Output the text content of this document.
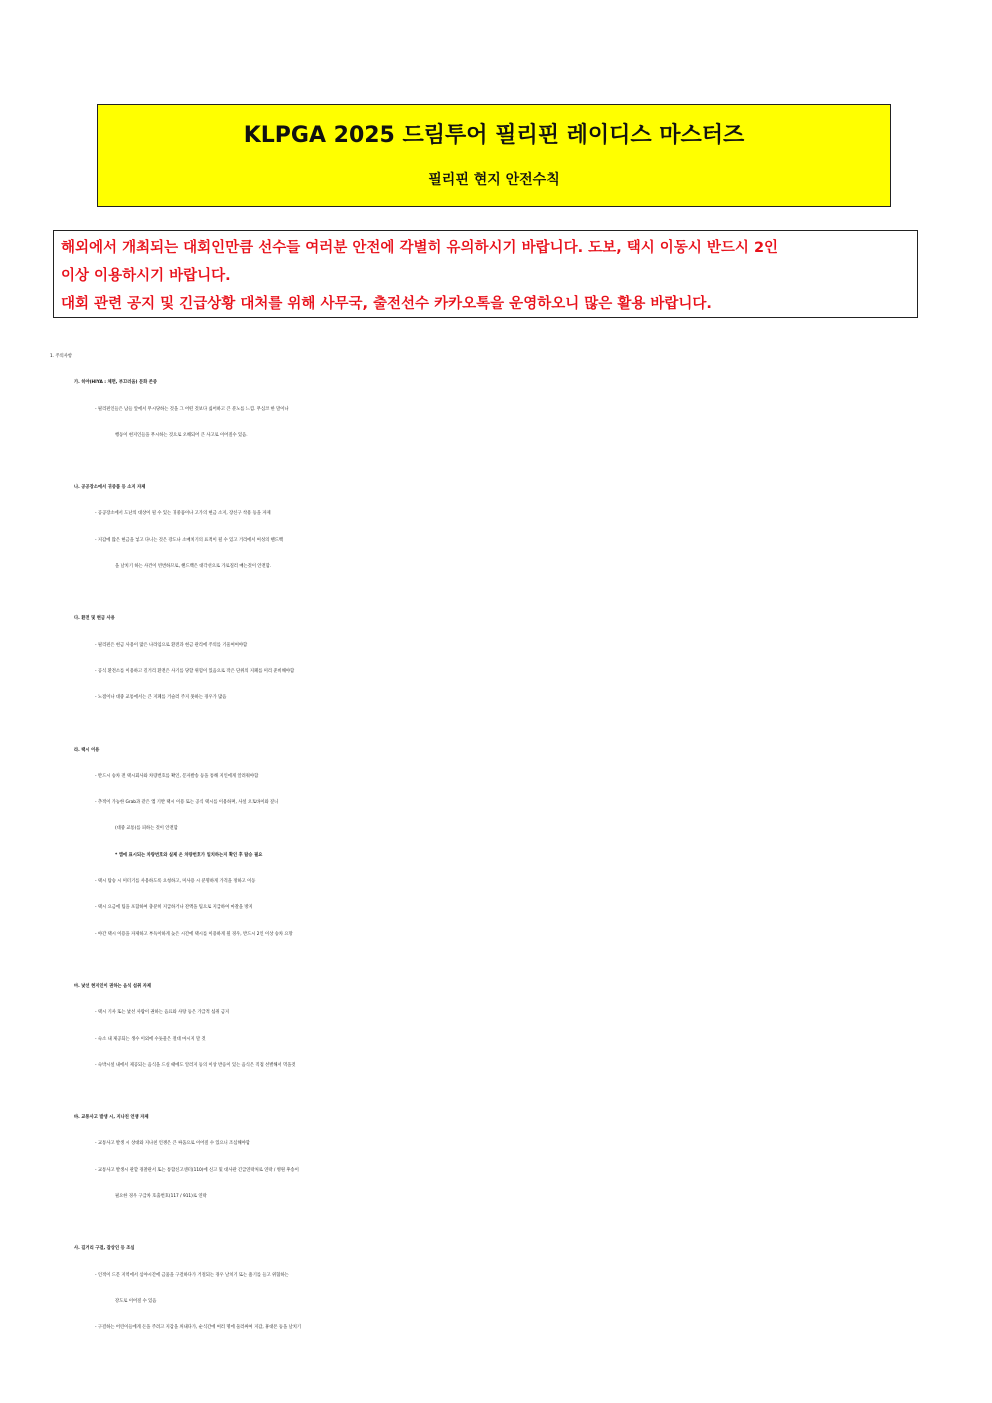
KLPGA 2025 드림투어 필리핀 레이디스 마스터즈
필리핀 현지 안전수칙
해외에서 개최되는 대회인만큼 선수들 여러분 안전에 각별히 유의하시기 바랍니다. 도보, 택시 이동시 반드시 2인
이상 이용하시기 바랍니다.
대회 관련 공지 및 긴급상황 대처를 위해 사무국, 출전선수 카카오톡을 운영하오니 많은 활용 바랍니다.
1. 주의사항
가. 히야(HIYA : 체면, 부끄러움) 문화 존중
- 필리핀인들은 남들 앞에서 무시당하는 것을 그 어떤 것보다 싫어하고 큰 분노를 느낌. 무심코 한 말이나
행동이 현지인들을 무시하는 것으로 오해되어 큰 사고로 이어질수 있음.
나. 공공장소에서 귀중품 등 소지 자제
- 공공장소에서 도난의 대상이 될 수 있는 귀중품이나 고가의 현금 소지, 장신구 착용 등을 자제
- 지갑에 많은 현금을 넣고 다니는 것은 강도나 소매치기의 표적이 될 수 있고 거리에서 여성의 핸드백
을 날치기 하는 사건이 빈번하므로, 핸드백은 대각선으로 가로질러 매는것이 안전함.
다. 환전 및 현금 사용
- 필리핀은 현금 사용이 많은 나라임으로 환전과 현금 관리에 주의를 기울여여야함
- 공식 환전소를 이용하고 길거리 환전은 사기를 당할 위험이 있음으로 작은 단위의 지폐를 미리 준비해야함
- 노점이나 대중 교통에서는 큰 지폐를 거슬러 주지 못하는 경우가 많음
라. 택시 이용
- 반드시 승차 전 택시회사와 차량번호를 확인, 문자발송 등을 통해 지인에게 알려줘야함
- 추적이 가능한 Grab과 같은 앱 기반 택시 이용 또는 공식 택시를 이용하며, 사설 오토바이와 짚니
(대중 교통)를 피하는 것이 안전함
* 앱에 표시되는 차량번호와 실제 온 차량번호가 일치하는지 확인 후 탑승 필요
- 택시 탑승 시 미터기를 사용하도록 요청하고, 미사용 시 분명하게 가격을 정하고 이동
- 택시 요금에 팁을 포함하여 충분히 지급하거나 잔액을 팁으로 지급하여 마찰을 방지
- 야간 택시 이용을 자제하고 부득이하게 늦은 시간에 택시를 이용하게 될 경우, 반드시 2인 이상 승차 요망
마. 낯선 현지인이 권하는 음식 섭취 자제
- 택시 기사 또는 낯선 사람이 권하는 음료와 사탕 등은 가급적 섭취 금지
- 숙소 내 제공되는 생수 이외에 수돗물은 절대 마시지 말 것
- 숙박시설 내에서 제공되는 음식을 드실 때에도 알러지 등의 이상 반응이 있는 음식은 직접 선별해서 먹을것
바. 교통사고 발생 시, 지나친 언쟁 자제
- 교통사고 발생 시 상대와 지나친 언쟁은 큰 싸움으로 이어질 수 있으니 조심해야함
- 교통사고 발생시 관할 경찰관서 또는 통합신고센터(110)에 신고 및 대사관 긴급연락처로 연락 / 병원 후송이
필요한 경우 구급차 호출번호(117 / 911)로 연락
사. 길거리 구걸, 잡상인 등 조심
- 인적이 드문 지역에서 심야시간에 금품을 구걸하다가 거절되는 경우 날치기 또는 흉기를 들고 위협하는
강도로 이어질 수 있음
- 구걸하는 어린이들에게 돈을 주려고 지갑을 꺼내다가, 순식간에 여러 명에 둘러싸여 지갑, 휴대폰 등을 날치기
